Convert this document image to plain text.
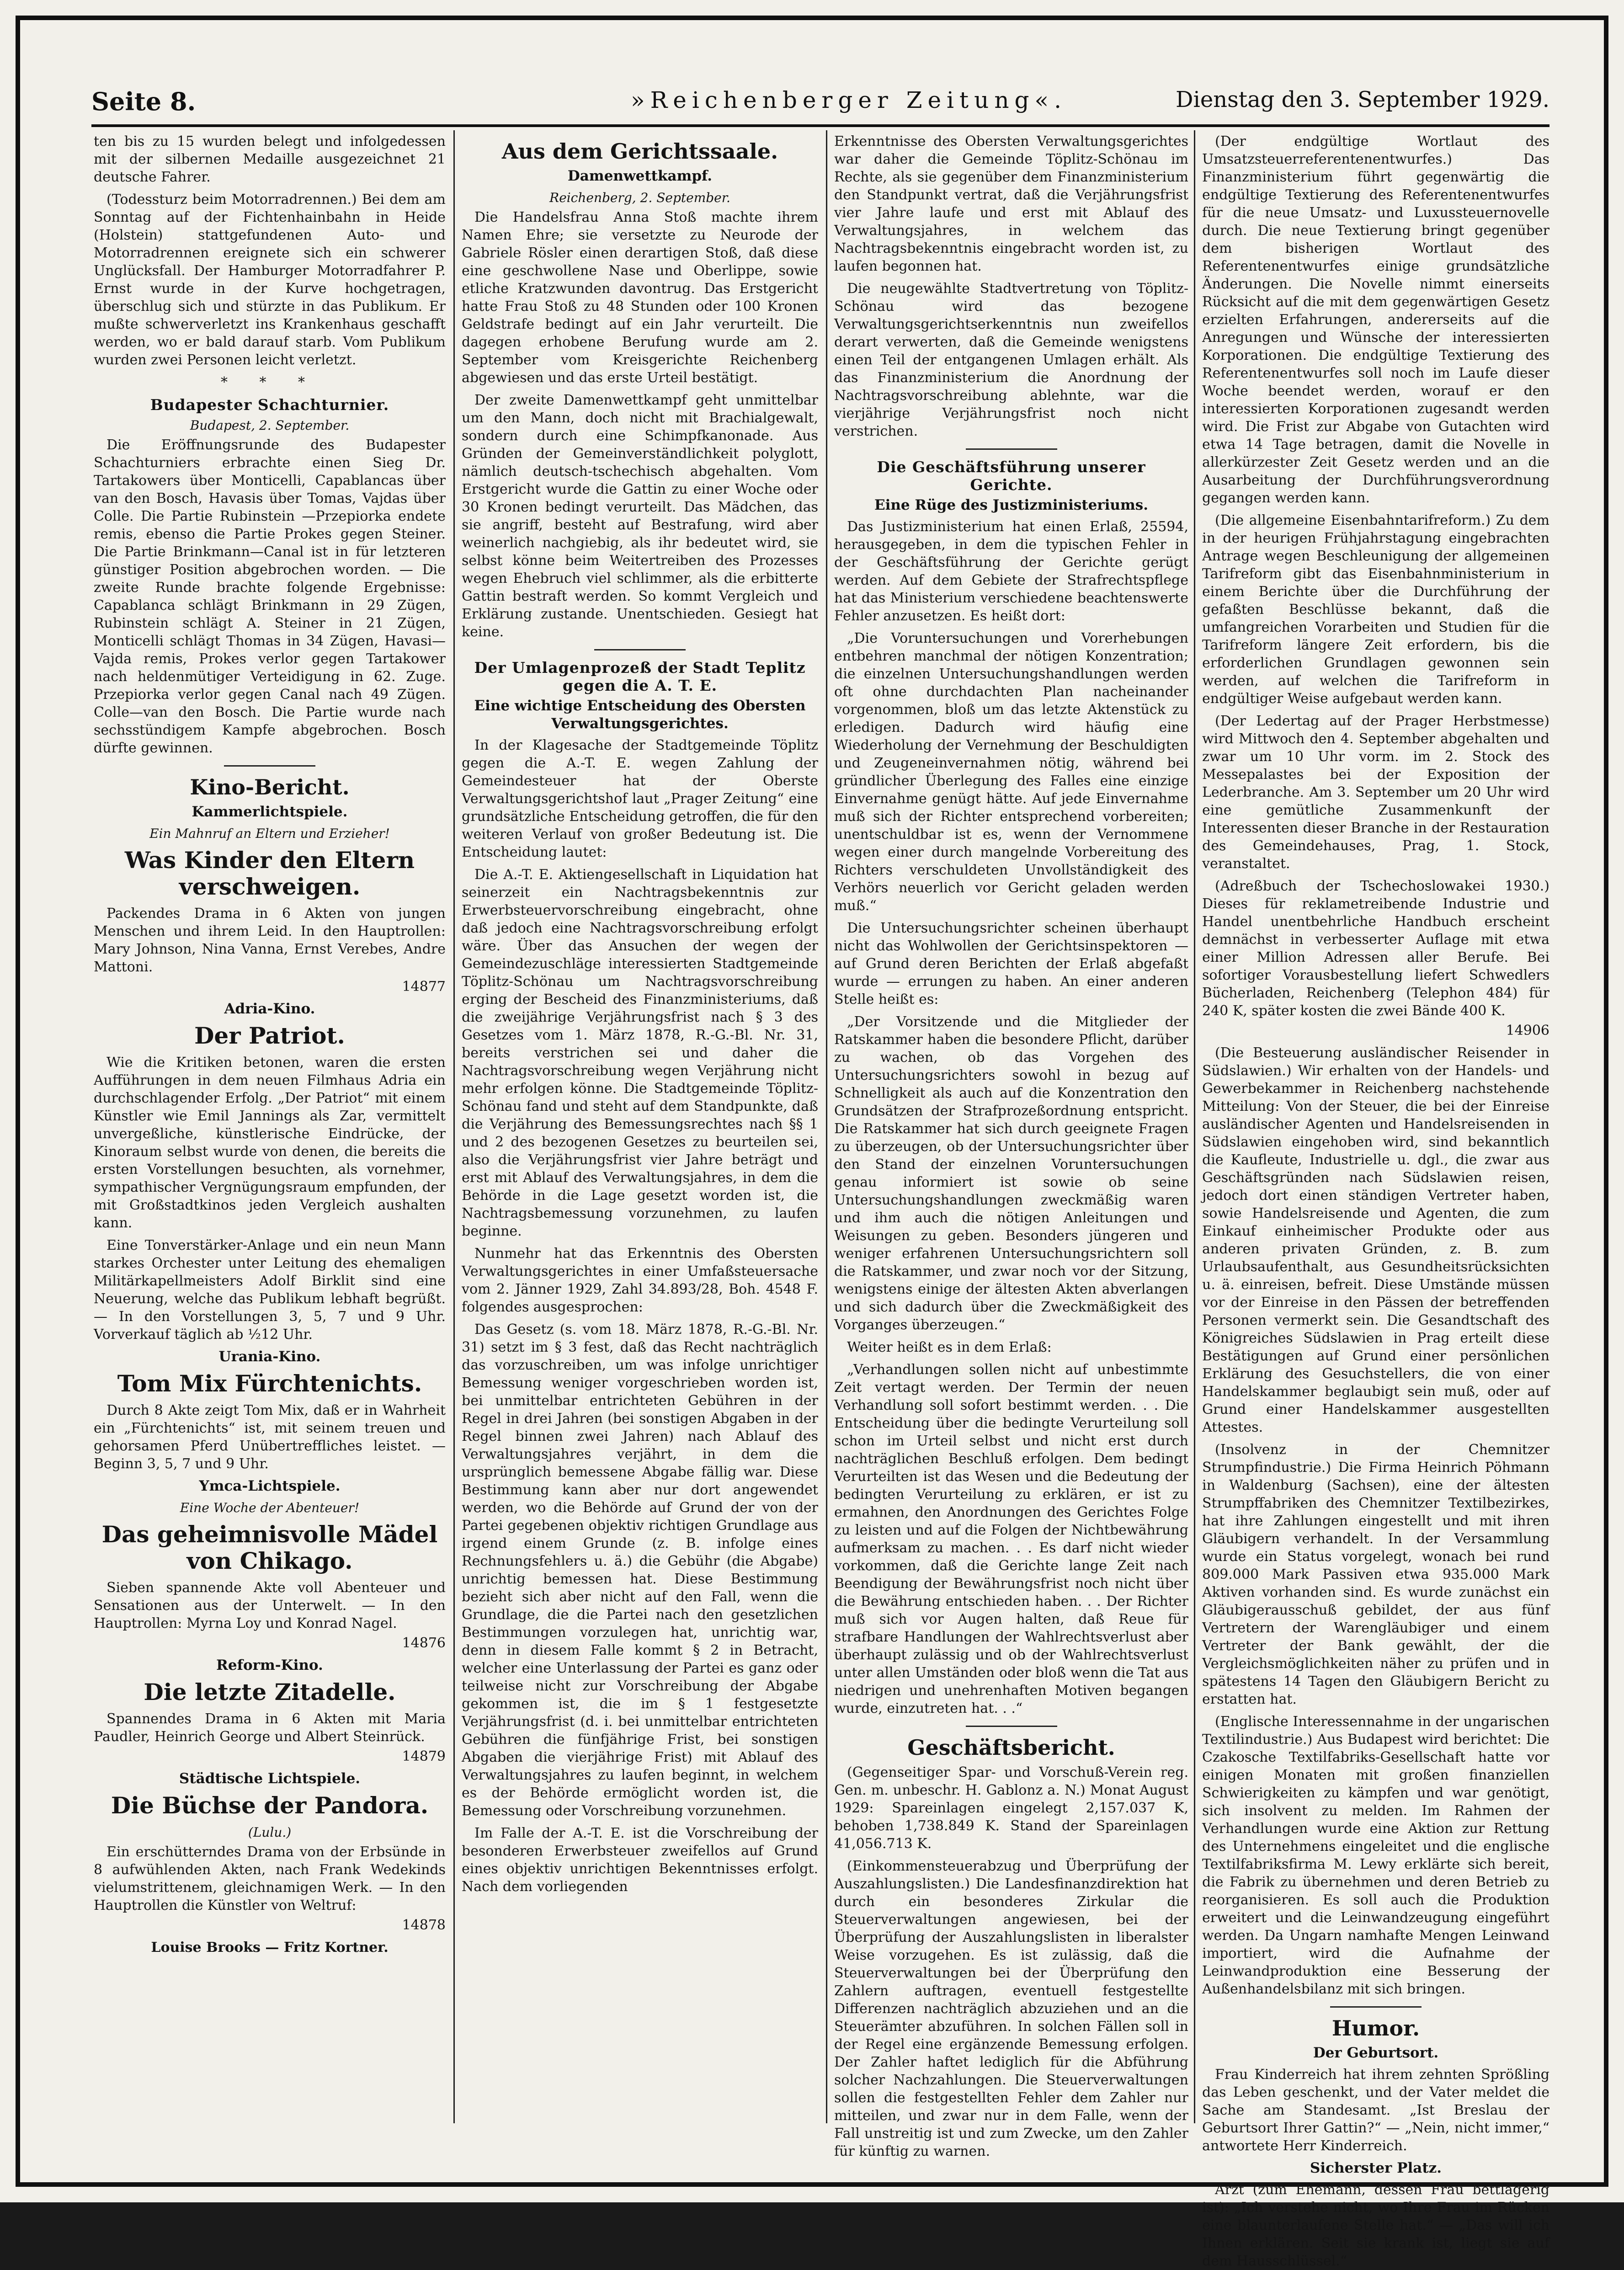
Seite 8.	»Reichenberger Zeitung«.	Dienstag den 3. September 1929.

ten bis zu 15 wurden belegt und infolgedessen mit der silbernen Medaille ausgezeichnet 21 deutsche Fahrer.

(Todessturz beim Motorradrennen.) Bei dem am Sonntag auf der Fichtenhainbahn in Heide (Holstein) stattgefundenen Auto- und Motorradrennen ereignete sich ein schwerer Unglücksfall. Der Hamburger Motorradfahrer P. Ernst wurde in der Kurve hochgetragen, überschlug sich und stürzte in das Publikum. Er mußte schwerverletzt ins Krankenhaus geschafft werden, wo er bald darauf starb. Vom Publikum wurden zwei Personen leicht verletzt.

* * *
Budapester Schachturnier.
Budapest, 2. September.

Die Eröffnungsrunde des Budapester Schachturniers erbrachte einen Sieg Dr. Tartakowers über Monticelli, Capablancas über van den Bosch, Havasis über Tomas, Vajdas über Colle. Die Partie Rubinstein —Przepiorka endete remis, ebenso die Partie Prokes gegen Steiner. Die Partie Brinkmann—Canal ist in für letzteren günstiger Position abgebrochen worden. — Die zweite Runde brachte folgende Ergebnisse: Capablanca schlägt Brinkmann in 29 Zügen, Rubinstein schlägt A. Steiner in 21 Zügen, Monticelli schlägt Thomas in 34 Zügen, Havasi—Vajda remis, Prokes verlor gegen Tartakower nach heldenmütiger Verteidigung in 62. Zuge. Przepiorka verlor gegen Canal nach 49 Zügen. Colle—van den Bosch. Die Partie wurde nach sechsstündigem Kampfe abgebrochen. Bosch dürfte gewinnen.

Kino-Bericht.
Kammerlichtspiele.
Ein Mahnruf an Eltern und Erzieher!
Was Kinder den Eltern verschweigen.

Packendes Drama in 6 Akten von jungen Menschen und ihrem Leid. In den Hauptrollen: Mary Johnson, Nina Vanna, Ernst Verebes, Andre Mattoni.

14877
Adria-Kino.
Der Patriot.

Wie die Kritiken betonen, waren die ersten Aufführungen in dem neuen Filmhaus Adria ein durchschlagender Erfolg. „Der Patriot“ mit einem Künstler wie Emil Jannings als Zar, vermittelt unvergeßliche, künstlerische Eindrücke, der Kinoraum selbst wurde von denen, die bereits die ersten Vorstellungen besuchten, als vornehmer, sympathischer Vergnügungsraum empfunden, der mit Großstadtkinos jeden Vergleich aushalten kann.

Eine Tonverstärker-Anlage und ein neun Mann starkes Orchester unter Leitung des ehemaligen Militärkapellmeisters Adolf Birklit sind eine Neuerung, welche das Publikum lebhaft begrüßt. — In den Vorstellungen 3, 5, 7 und 9 Uhr. Vorverkauf täglich ab ½12 Uhr.

Urania-Kino.
Tom Mix Fürchtenichts.

Durch 8 Akte zeigt Tom Mix, daß er in Wahrheit ein „Fürchtenichts“ ist, mit seinem treuen und gehorsamen Pferd Unübertreffliches leistet. — Beginn 3, 5, 7 und 9 Uhr.

Ymca-Lichtspiele.
Eine Woche der Abenteuer!
Das geheimnisvolle Mädel von Chikago.

Sieben spannende Akte voll Abenteuer und Sensationen aus der Unterwelt. — In den Hauptrollen: Myrna Loy und Konrad Nagel.

14876
Reform-Kino.
Die letzte Zitadelle.

Spannendes Drama in 6 Akten mit Maria Paudler, Heinrich George und Albert Steinrück.

14879
Städtische Lichtspiele.
Die Büchse der Pandora.
(Lulu.)

Ein erschütterndes Drama von der Erbsünde in 8 aufwühlenden Akten, nach Frank Wedekinds vielumstrittenem, gleichnamigen Werk. — In den Hauptrollen die Künstler von Weltruf:

14878
Louise Brooks — Fritz Kortner.
Aus dem Gerichtssaale.
Damenwettkampf.
Reichenberg, 2. September.

Die Handelsfrau Anna Stoß machte ihrem Namen Ehre; sie versetzte zu Neurode der Gabriele Rösler einen derartigen Stoß, daß diese eine geschwollene Nase und Oberlippe, sowie etliche Kratzwunden davontrug. Das Erstgericht hatte Frau Stoß zu 48 Stunden oder 100 Kronen Geldstrafe bedingt auf ein Jahr verurteilt. Die dagegen erhobene Berufung wurde am 2. September vom Kreisgerichte Reichenberg abgewiesen und das erste Urteil bestätigt.

Der zweite Damenwettkampf geht unmittelbar um den Mann, doch nicht mit Brachialgewalt, sondern durch eine Schimpfkanonade. Aus Gründen der Gemeinverständlichkeit polyglott, nämlich deutsch-tschechisch abgehalten. Vom Erstgericht wurde die Gattin zu einer Woche oder 30 Kronen bedingt verurteilt. Das Mädchen, das sie angriff, besteht auf Bestrafung, wird aber weinerlich nachgiebig, als ihr bedeutet wird, sie selbst könne beim Weitertreiben des Prozesses wegen Ehebruch viel schlimmer, als die erbitterte Gattin bestraft werden. So kommt Vergleich und Erklärung zustande. Unentschieden. Gesiegt hat keine.

Der Umlagenprozeß der Stadt Teplitz gegen die A. T. E.
Eine wichtige Entscheidung des Obersten Verwaltungsgerichtes.

In der Klagesache der Stadtgemeinde Töplitz gegen die A.-T. E. wegen Zahlung der Gemeindesteuer hat der Oberste Verwaltungsgerichtshof laut „Prager Zeitung“ eine grundsätzliche Entscheidung getroffen, die für den weiteren Verlauf von großer Bedeutung ist. Die Entscheidung lautet:

Die A.-T. E. Aktiengesellschaft in Liquidation hat seinerzeit ein Nachtragsbekenntnis zur Erwerbsteuervorschreibung eingebracht, ohne daß jedoch eine Nachtragsvorschreibung erfolgt wäre. Über das Ansuchen der wegen der Gemeindezuschläge interessierten Stadtgemeinde Töplitz-Schönau um Nachtragsvorschreibung erging der Bescheid des Finanzministeriums, daß die zweijährige Verjährungsfrist nach § 3 des Gesetzes vom 1. März 1878, R.-G.-Bl. Nr. 31, bereits verstrichen sei und daher die Nachtragsvorschreibung wegen Verjährung nicht mehr erfolgen könne. Die Stadtgemeinde Töplitz-Schönau fand und steht auf dem Standpunkte, daß die Verjährung des Bemessungsrechtes nach §§ 1 und 2 des bezogenen Gesetzes zu beurteilen sei, also die Verjährungsfrist vier Jahre beträgt und erst mit Ablauf des Verwaltungsjahres, in dem die Behörde in die Lage gesetzt worden ist, die Nachtragsbemessung vorzunehmen, zu laufen beginne.

Nunmehr hat das Erkenntnis des Obersten Verwaltungsgerichtes in einer Umfaßsteuersache vom 2. Jänner 1929, Zahl 34.893/28, Boh. 4548 F. folgendes ausgesprochen:

Das Gesetz (s. vom 18. März 1878, R.-G.-Bl. Nr. 31) setzt im § 3 fest, daß das Recht nachträglich das vorzuschreiben, um was infolge unrichtiger Bemessung weniger vorgeschrieben worden ist, bei unmittelbar entrichteten Gebühren in der Regel in drei Jahren (bei sonstigen Abgaben in der Regel binnen zwei Jahren) nach Ablauf des Verwaltungsjahres verjährt, in dem die ursprünglich bemessene Abgabe fällig war. Diese Bestimmung kann aber nur dort angewendet werden, wo die Behörde auf Grund der von der Partei gegebenen objektiv richtigen Grundlage aus irgend einem Grunde (z. B. infolge eines Rechnungsfehlers u. ä.) die Gebühr (die Abgabe) unrichtig bemessen hat. Diese Bestimmung bezieht sich aber nicht auf den Fall, wenn die Grundlage, die die Partei nach den gesetzlichen Bestimmungen vorzulegen hat, unrichtig war, denn in diesem Falle kommt § 2 in Betracht, welcher eine Unterlassung der Partei es ganz oder teilweise nicht zur Vorschreibung der Abgabe gekommen ist, die im § 1 festgesetzte Verjährungsfrist (d. i. bei unmittelbar entrichteten Gebühren die fünfjährige Frist, bei sonstigen Abgaben die vierjährige Frist) mit Ablauf des Verwaltungsjahres zu laufen beginnt, in welchem es der Behörde ermöglicht worden ist, die Bemessung oder Vorschreibung vorzunehmen.

Im Falle der A.-T. E. ist die Vorschreibung der besonderen Erwerbsteuer zweifellos auf Grund eines objektiv unrichtigen Bekenntnisses erfolgt. Nach dem vorliegenden

Erkenntnisse des Obersten Verwaltungsgerichtes war daher die Gemeinde Töplitz-Schönau im Rechte, als sie gegenüber dem Finanzministerium den Standpunkt vertrat, daß die Verjährungsfrist vier Jahre laufe und erst mit Ablauf des Verwaltungsjahres, in welchem das Nachtragsbekenntnis eingebracht worden ist, zu laufen begonnen hat.

Die neugewählte Stadtvertretung von Töplitz-Schönau wird das bezogene Verwaltungsgerichtserkenntnis nun zweifellos derart verwerten, daß die Gemeinde wenigstens einen Teil der entgangenen Umlagen erhält. Als das Finanzministerium die Anordnung der Nachtragsvorschreibung ablehnte, war die vierjährige Verjährungsfrist noch nicht verstrichen.

Die Geschäftsführung unserer Gerichte.
Eine Rüge des Justizministeriums.

Das Justizministerium hat einen Erlaß, 25594, herausgegeben, in dem die typischen Fehler in der Geschäftsführung der Gerichte gerügt werden. Auf dem Gebiete der Strafrechtspflege hat das Ministerium verschiedene beachtenswerte Fehler anzusetzen. Es heißt dort:

„Die Voruntersuchungen und Vorerhebungen entbehren manchmal der nötigen Konzentration; die einzelnen Untersuchungshandlungen werden oft ohne durchdachten Plan nacheinander vorgenommen, bloß um das letzte Aktenstück zu erledigen. Dadurch wird häufig eine Wiederholung der Vernehmung der Beschuldigten und Zeugeneinvernahmen nötig, während bei gründlicher Überlegung des Falles eine einzige Einvernahme genügt hätte. Auf jede Einvernahme muß sich der Richter entsprechend vorbereiten; unentschuldbar ist es, wenn der Vernommene wegen einer durch mangelnde Vorbereitung des Richters verschuldeten Unvollständigkeit des Verhörs neuerlich vor Gericht geladen werden muß.“

Die Untersuchungsrichter scheinen überhaupt nicht das Wohlwollen der Gerichtsinspektoren — auf Grund deren Berichten der Erlaß abgefaßt wurde — errungen zu haben. An einer anderen Stelle heißt es:

„Der Vorsitzende und die Mitglieder der Ratskammer haben die besondere Pflicht, darüber zu wachen, ob das Vorgehen des Untersuchungsrichters sowohl in bezug auf Schnelligkeit als auch auf die Konzentration den Grundsätzen der Strafprozeßordnung entspricht. Die Ratskammer hat sich durch geeignete Fragen zu überzeugen, ob der Untersuchungsrichter über den Stand der einzelnen Voruntersuchungen genau informiert ist sowie ob seine Untersuchungshandlungen zweckmäßig waren und ihm auch die nötigen Anleitungen und Weisungen zu geben. Besonders jüngeren und weniger erfahrenen Untersuchungsrichtern soll die Ratskammer, und zwar noch vor der Sitzung, wenigstens einige der ältesten Akten abverlangen und sich dadurch über die Zweckmäßigkeit des Vorganges überzeugen.“

Weiter heißt es in dem Erlaß:

„Verhandlungen sollen nicht auf unbestimmte Zeit vertagt werden. Der Termin der neuen Verhandlung soll sofort bestimmt werden. . . Die Entscheidung über die bedingte Verurteilung soll schon im Urteil selbst und nicht erst durch nachträglichen Beschluß erfolgen. Dem bedingt Verurteilten ist das Wesen und die Bedeutung der bedingten Verurteilung zu erklären, er ist zu ermahnen, den Anordnungen des Gerichtes Folge zu leisten und auf die Folgen der Nichtbewährung aufmerksam zu machen. . . Es darf nicht wieder vorkommen, daß die Gerichte lange Zeit nach Beendigung der Bewährungsfrist noch nicht über die Bewährung entschieden haben. . . Der Richter muß sich vor Augen halten, daß Reue für strafbare Handlungen der Wahlrechtsverlust aber überhaupt zulässig und ob der Wahlrechtsverlust unter allen Umständen oder bloß wenn die Tat aus niedrigen und unehrenhaften Motiven begangen wurde, einzutreten hat. . .“

Geschäftsbericht.

(Gegenseitiger Spar- und Vorschuß-Verein reg. Gen. m. unbeschr. H. Gablonz a. N.) Monat August 1929: Spareinlagen eingelegt 2,157.037 K, behoben 1,738.849 K. Stand der Spareinlagen 41,056.713 K.

(Einkommensteuerabzug und Überprüfung der Auszahlungslisten.) Die Landesfinanzdirektion hat durch ein besonderes Zirkular die Steuerverwaltungen angewiesen, bei der Überprüfung der Auszahlungslisten in liberalster Weise vorzugehen. Es ist zulässig, daß die Steuerverwaltungen bei der Überprüfung den Zahlern auftragen, eventuell festgestellte Differenzen nachträglich abzuziehen und an die Steuerämter abzuführen. In solchen Fällen soll in der Regel eine ergänzende Bemessung erfolgen. Der Zahler haftet lediglich für die Abführung solcher Nachzahlungen. Die Steuerverwaltungen sollen die festgestellten Fehler dem Zahler nur mitteilen, und zwar nur in dem Falle, wenn der Fall unstreitig ist und zum Zwecke, um den Zahler für künftig zu warnen.

(Der endgültige Wortlaut des Umsatzsteuerreferentenentwurfes.) Das Finanzministerium führt gegenwärtig die endgültige Textierung des Referentenentwurfes für die neue Umsatz- und Luxussteuernovelle durch. Die neue Textierung bringt gegenüber dem bisherigen Wortlaut des Referentenentwurfes einige grundsätzliche Änderungen. Die Novelle nimmt einerseits Rücksicht auf die mit dem gegenwärtigen Gesetz erzielten Erfahrungen, andererseits auf die Anregungen und Wünsche der interessierten Korporationen. Die endgültige Textierung des Referentenentwurfes soll noch im Laufe dieser Woche beendet werden, worauf er den interessierten Korporationen zugesandt werden wird. Die Frist zur Abgabe von Gutachten wird etwa 14 Tage betragen, damit die Novelle in allerkürzester Zeit Gesetz werden und an die Ausarbeitung der Durchführungsverordnung gegangen werden kann.

(Die allgemeine Eisenbahntarifreform.) Zu dem in der heurigen Frühjahrstagung eingebrachten Antrage wegen Beschleunigung der allgemeinen Tarifreform gibt das Eisenbahnministerium in einem Berichte über die Durchführung der gefaßten Beschlüsse bekannt, daß die umfangreichen Vorarbeiten und Studien für die Tarifreform längere Zeit erfordern, bis die erforderlichen Grundlagen gewonnen sein werden, auf welchen die Tarifreform in endgültiger Weise aufgebaut werden kann.

(Der Ledertag auf der Prager Herbstmesse) wird Mittwoch den 4. September abgehalten und zwar um 10 Uhr vorm. im 2. Stock des Messepalastes bei der Exposition der Lederbranche. Am 3. September um 20 Uhr wird eine gemütliche Zusammenkunft der Interessenten dieser Branche in der Restauration des Gemeindehauses, Prag, 1. Stock, veranstaltet.

(Adreßbuch der Tschechoslowakei 1930.) Dieses für reklametreibende Industrie und Handel unentbehrliche Handbuch erscheint demnächst in verbesserter Auflage mit etwa einer Million Adressen aller Berufe. Bei sofortiger Vorausbestellung liefert Schwedlers Bücherladen, Reichenberg (Telephon 484) für 240 K, später kosten die zwei Bände 400 K.

14906

(Die Besteuerung ausländischer Reisender in Südslawien.) Wir erhalten von der Handels- und Gewerbekammer in Reichenberg nachstehende Mitteilung: Von der Steuer, die bei der Einreise ausländischer Agenten und Handelsreisenden in Südslawien eingehoben wird, sind bekanntlich die Kaufleute, Industrielle u. dgl., die zwar aus Geschäftsgründen nach Südslawien reisen, jedoch dort einen ständigen Vertreter haben, sowie Handelsreisende und Agenten, die zum Einkauf einheimischer Produkte oder aus anderen privaten Gründen, z. B. zum Urlaubsaufenthalt, aus Gesundheitsrücksichten u. ä. einreisen, befreit. Diese Umstände müssen vor der Einreise in den Pässen der betreffenden Personen vermerkt sein. Die Gesandtschaft des Königreiches Südslawien in Prag erteilt diese Bestätigungen auf Grund einer persönlichen Erklärung des Gesuchstellers, die von einer Handelskammer beglaubigt sein muß, oder auf Grund einer Handelskammer ausgestellten Attestes.

(Insolvenz in der Chemnitzer Strumpfindustrie.) Die Firma Heinrich Pöhmann in Waldenburg (Sachsen), eine der ältesten Strumpffabriken des Chemnitzer Textilbezirkes, hat ihre Zahlungen eingestellt und mit ihren Gläubigern verhandelt. In der Versammlung wurde ein Status vorgelegt, wonach bei rund 809.000 Mark Passiven etwa 935.000 Mark Aktiven vorhanden sind. Es wurde zunächst ein Gläubigerausschuß gebildet, der aus fünf Vertretern der Warengläubiger und einem Vertreter der Bank gewählt, der die Vergleichsmöglichkeiten näher zu prüfen und in spätestens 14 Tagen den Gläubigern Bericht zu erstatten hat.

(Englische Interessennahme in der ungarischen Textilindustrie.) Aus Budapest wird berichtet: Die Czakosche Textilfabriks-Gesellschaft hatte vor einigen Monaten mit großen finanziellen Schwierigkeiten zu kämpfen und war genötigt, sich insolvent zu melden. Im Rahmen der Verhandlungen wurde eine Aktion zur Rettung des Unternehmens eingeleitet und die englische Textilfabriksfirma M. Lewy erklärte sich bereit, die Fabrik zu übernehmen und deren Betrieb zu reorganisieren. Es soll auch die Produktion erweitert und die Leinwandzeugung eingeführt werden. Da Ungarn namhafte Mengen Leinwand importiert, wird die Aufnahme der Leinwandproduktion eine Besserung der Außenhandelsbilanz mit sich bringen.

Humor.
Der Geburtsort.

Frau Kinderreich hat ihrem zehnten Sprößling das Leben geschenkt, und der Vater meldet die Sache am Standesamt. „Ist Breslau der Geburtsort Ihrer Gattin?“ — „Nein, nicht immer,“ antwortete Herr Kinderreich.

Sicherster Platz.

Arzt (zum Ehemann, dessen Frau bettlägerig ist): „Ich verstehe nicht, wo Ihre Frau im Rücken eine blaunterlaufene Stelle hat.“ — „Das will ich Ihnen erklären. Seit sie krank ist, liegt sie auf dem Hausschlüssel.“
